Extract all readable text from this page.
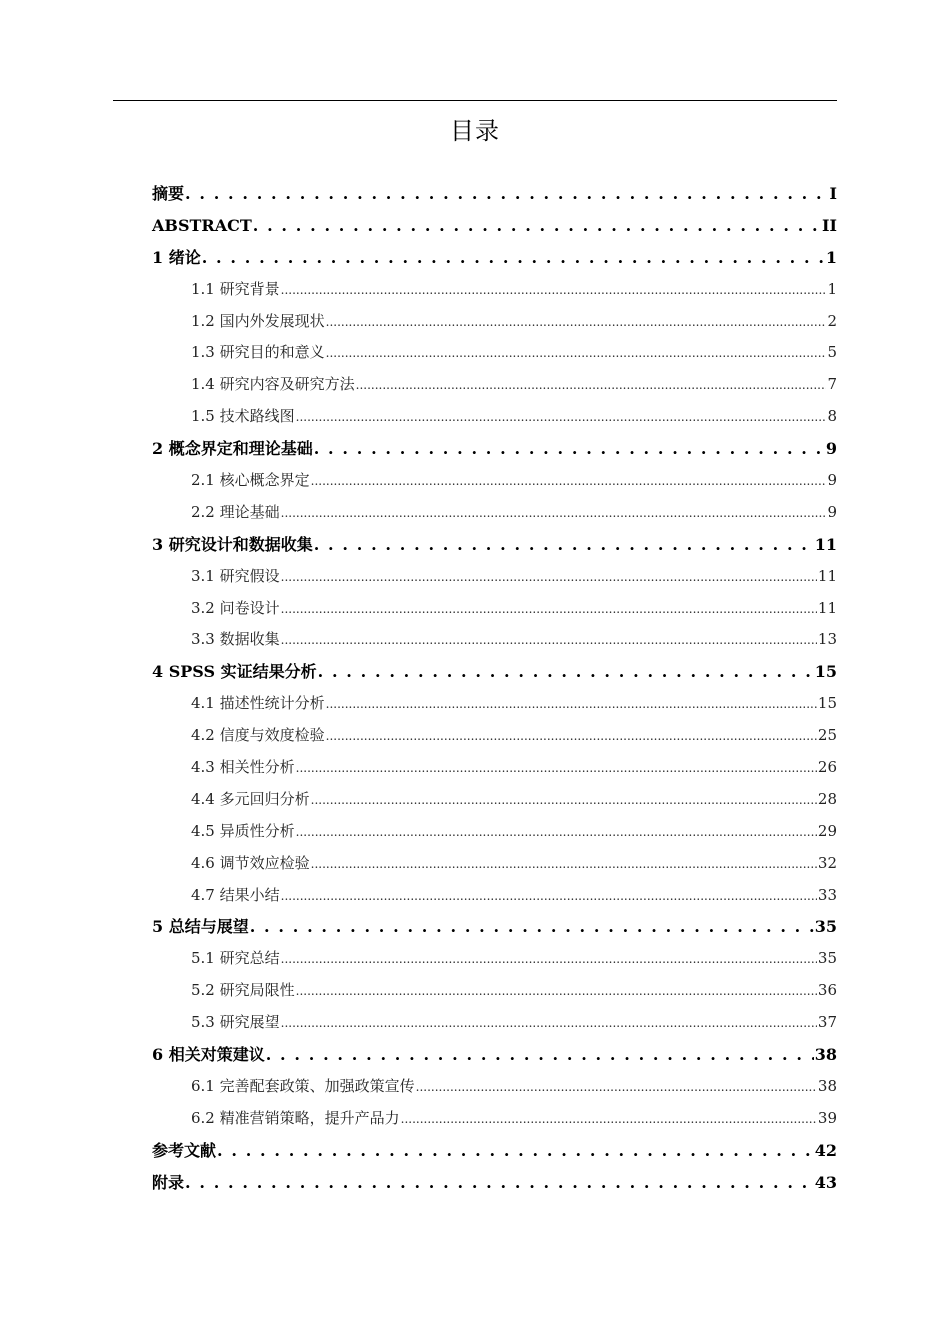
目录
摘要 . . .	I
ABSTRACT . . .	II
1 绪论 . . .	1
1.1 研究背景 .....	1
1.2 国内外发展现状 .....	2
1.3 研究目的和意义 .....	5
1.4 研究内容及研究方法 .....	7
1.5 技术路线图 .....	8
2 概念界定和理论基础 . . .	9
2.1 核心概念界定 .....	9
2.2 理论基础 .....	9
3 研究设计和数据收集 . . .	11
3.1 研究假设 .....	11
3.2 问卷设计 .....	11
3.3 数据收集 .....	13
4 SPSS 实证结果分析 . . .	15
4.1 描述性统计分析 .....	15
4.2 信度与效度检验 .....	25
4.3 相关性分析 .....	26
4.4 多元回归分析 .....	28
4.5 异质性分析 .....	29
4.6 调节效应检验 .....	32
4.7 结果小结 .....	33
5 总结与展望 . . .	35
5.1 研究总结 .....	35
5.2 研究局限性 .....	36
5.3 研究展望 .....	37
6 相关对策建议 . . .	38
6.1 完善配套政策、加强政策宣传 .....	38
6.2 精准营销策略，提升产品力 .....	39
参考文献 . . .	42
附录 . . .	43
